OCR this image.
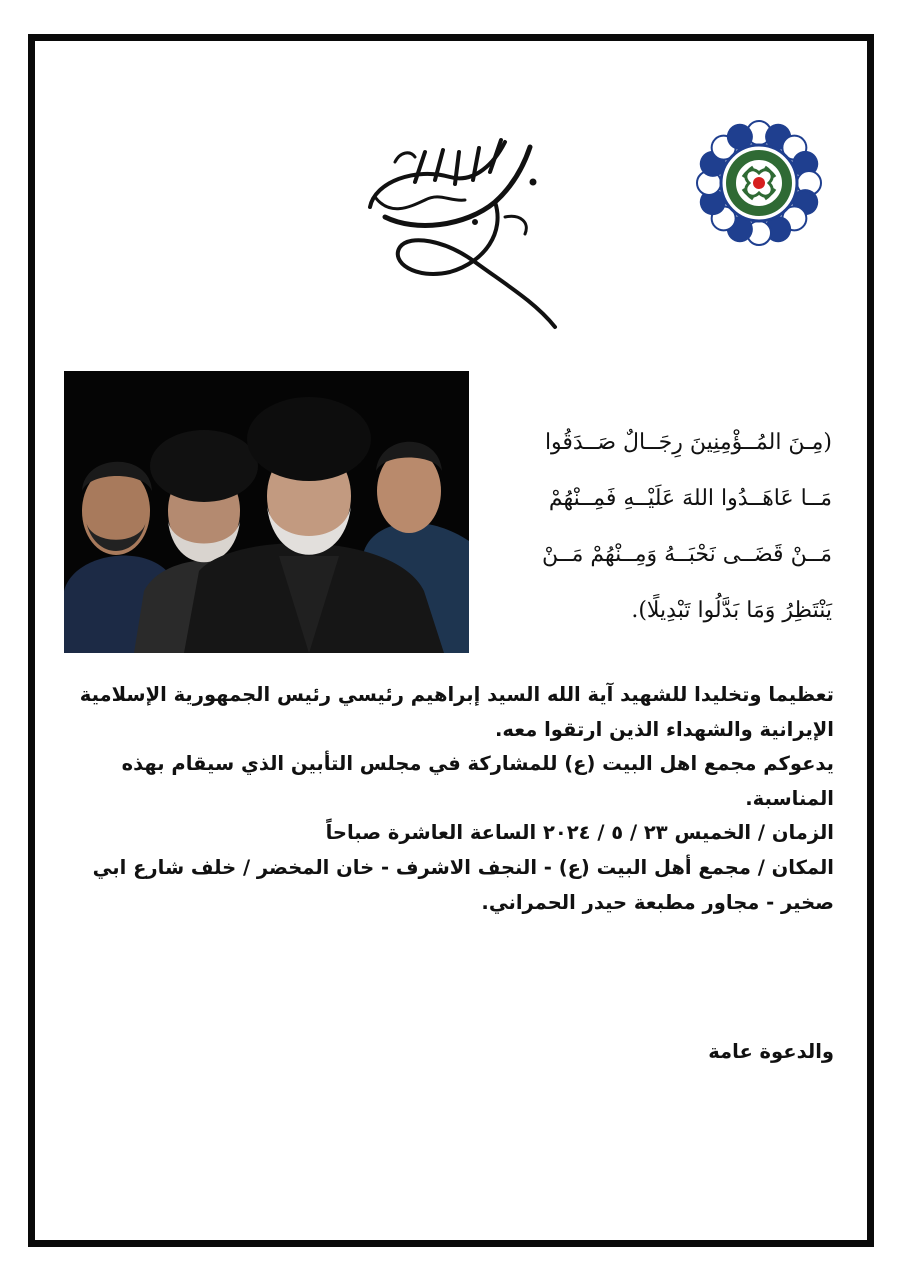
(مِـنَ المُــؤْمِنِينَ رِجَــالٌ صَــدَقُوا
مَــا عَاهَــدُوا اللهَ عَلَيْــهِ فَمِــنْهُمْ
مَــنْ قَضَــى نَحْبَــهُ وَمِــنْهُمْ مَــنْ
يَنْتَظِرُ وَمَا بَدَّلُوا تَبْدِيلًا).

تعظيما وتخليدا للشهيد آية الله السيد إبراهيم رئيسي رئيس الجمهورية الإسلامية الإيرانية والشهداء الذين ارتقوا معه.

يدعوكم مجمع اهل البيت (ع) للمشاركة في مجلس التأبين الذي سيقام بهذه المناسبة.

الزمان / الخميس ٢٣ / ٥ / ٢٠٢٤ الساعة العاشرة صباحاً

المكان / مجمع أهل البيت (ع) - النجف الاشرف - خان المخضر / خلف شارع ابي صخير - مجاور مطبعة حيدر الحمراني.

والدعوة عامة
